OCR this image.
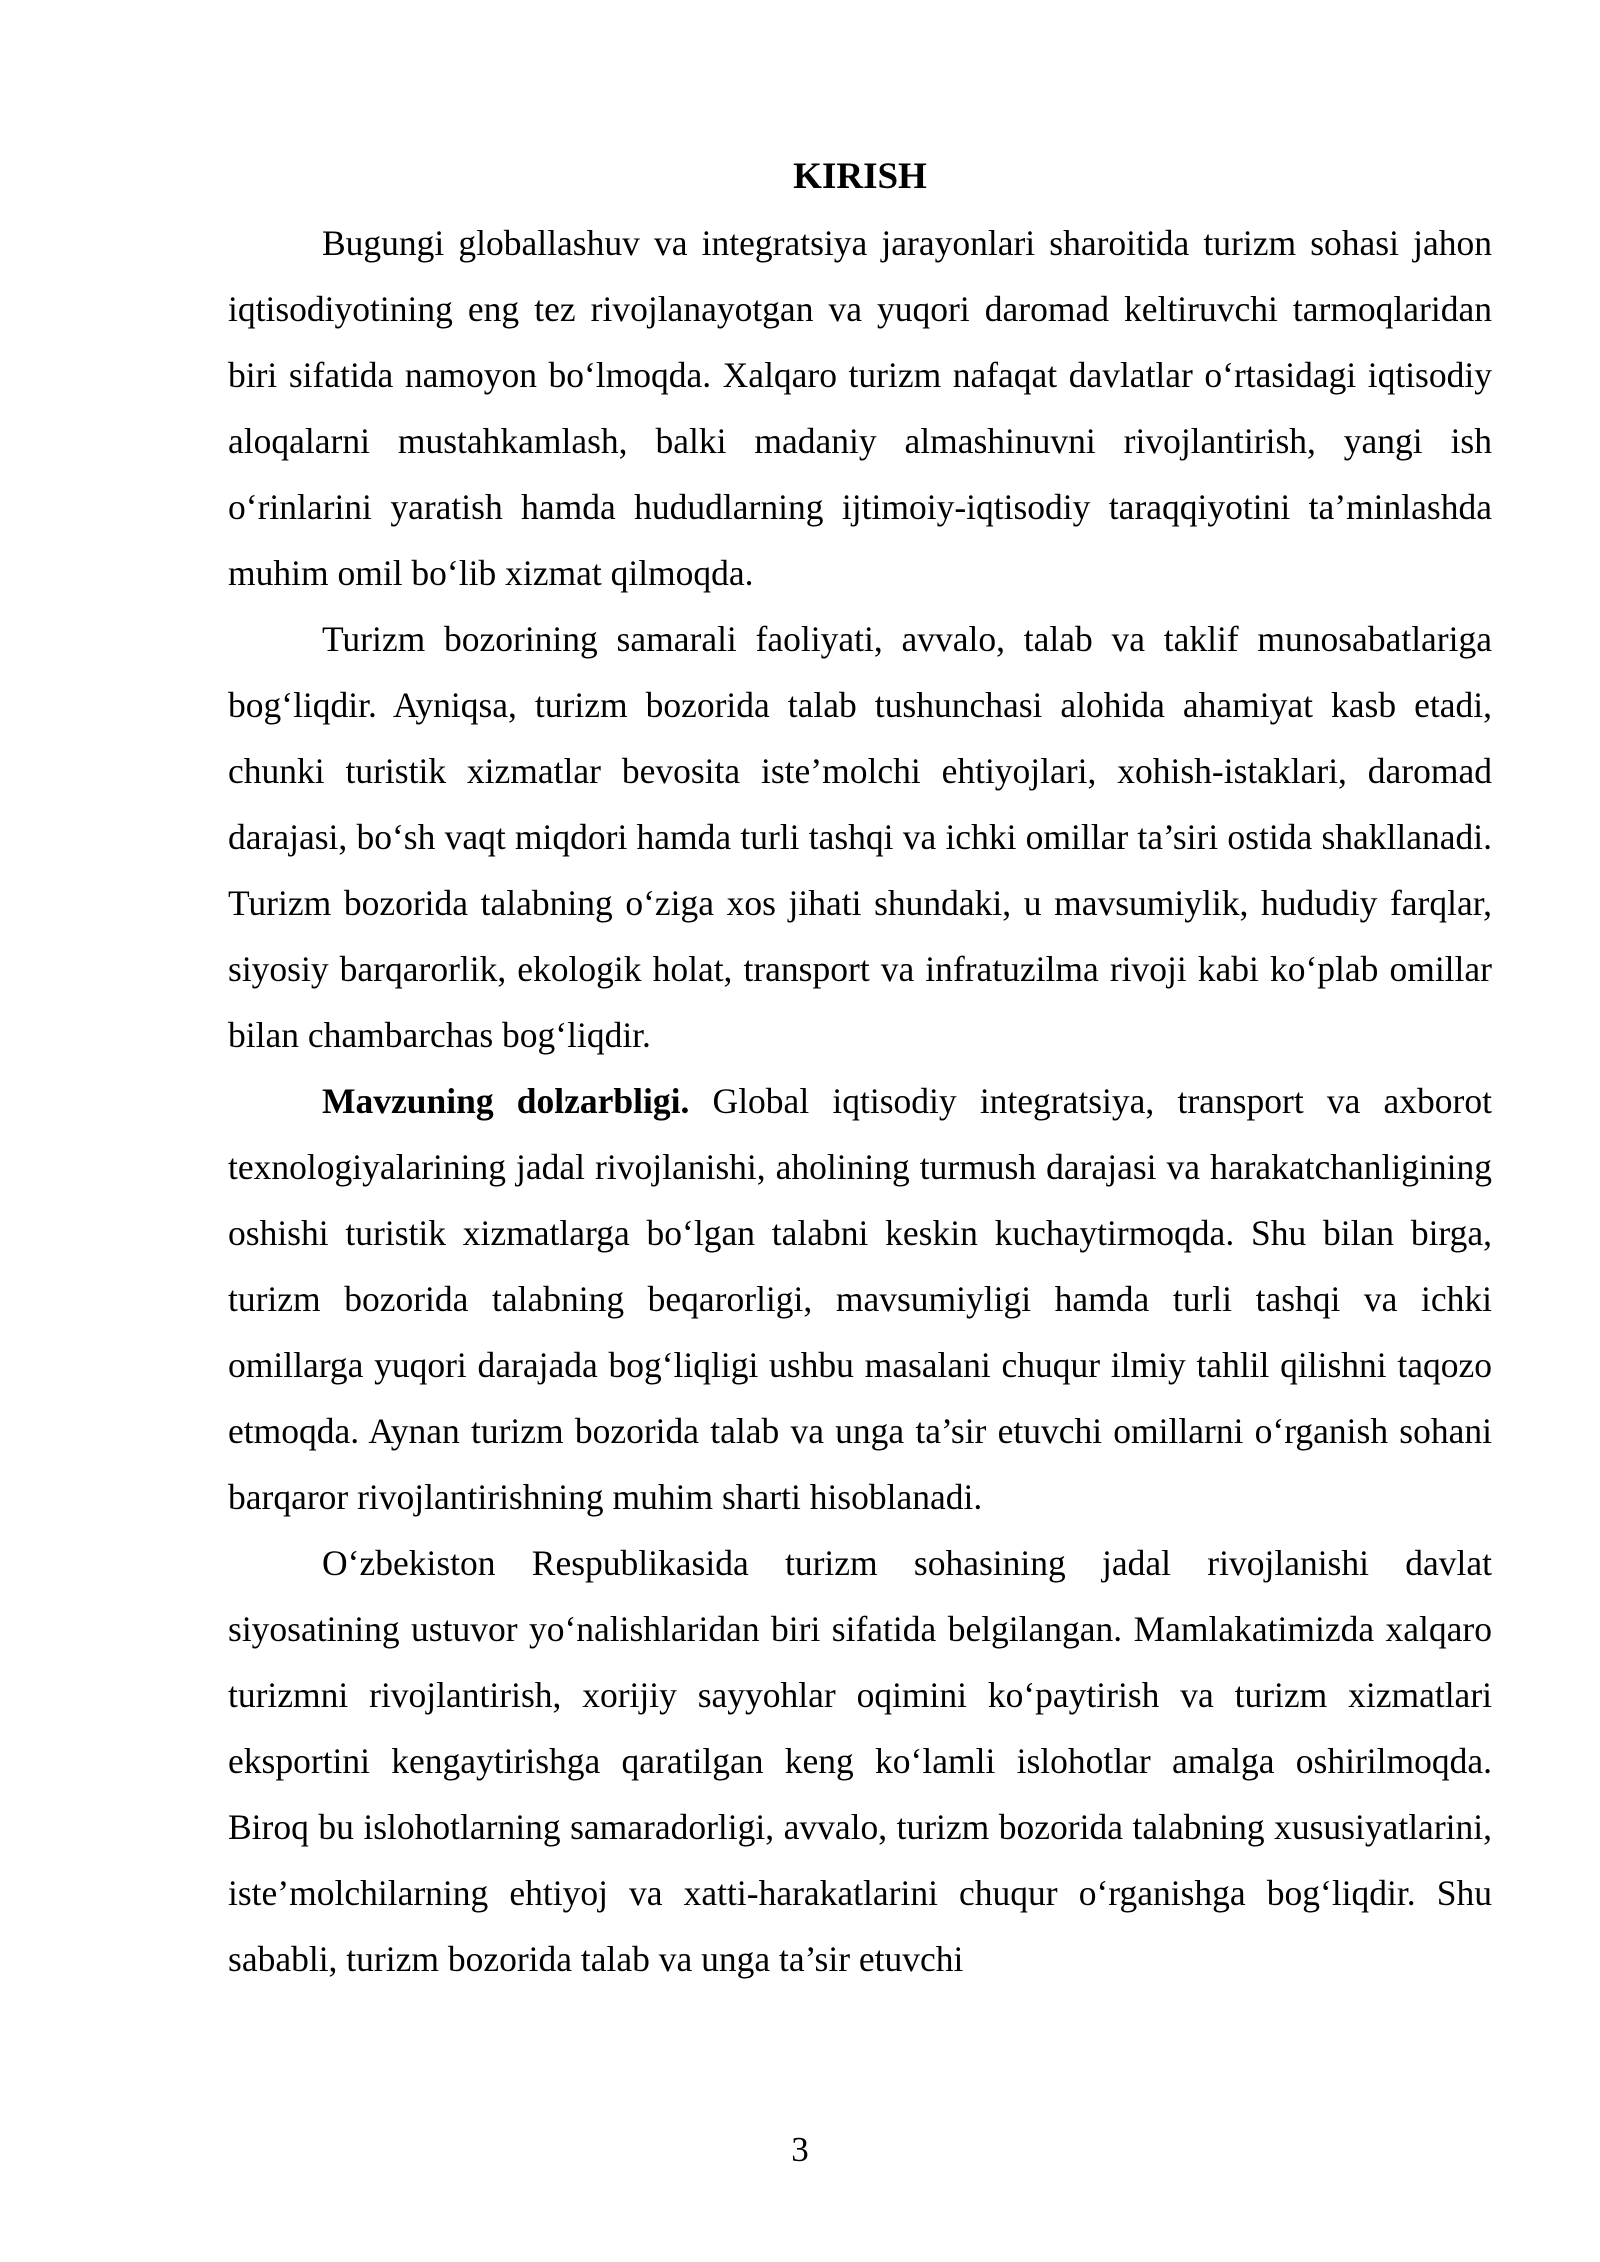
KIRISH

Bugungi globallashuv va integratsiya jarayonlari sharoitida turizm sohasi jahon iqtisodiyotining eng tez rivojlanayotgan va yuqori daromad keltiruvchi tarmoqlaridan biri sifatida namoyon bo‘lmoqda. Xalqaro turizm nafaqat davlatlar o‘rtasidagi iqtisodiy aloqalarni mustahkamlash, balki madaniy almashinuvni rivojlantirish, yangi ish o‘rinlarini yaratish hamda hududlarning ijtimoiy-iqtisodiy taraqqiyotini ta’minlashda muhim omil bo‘lib xizmat qilmoqda.

Turizm bozorining samarali faoliyati, avvalo, talab va taklif munosabatlariga bog‘liqdir. Ayniqsa, turizm bozorida talab tushunchasi alohida ahamiyat kasb etadi, chunki turistik xizmatlar bevosita iste’molchi ehtiyojlari, xohish-istaklari, daromad darajasi, bo‘sh vaqt miqdori hamda turli tashqi va ichki omillar ta’siri ostida shakllanadi. Turizm bozorida talabning o‘ziga xos jihati shundaki, u mavsumiylik, hududiy farqlar, siyosiy barqarorlik, ekologik holat, transport va infratuzilma rivoji kabi ko‘plab omillar bilan chambarchas bog‘liqdir.

Mavzuning dolzarbligi. Global iqtisodiy integratsiya, transport va axborot texnologiyalarining jadal rivojlanishi, aholining turmush darajasi va harakatchanligining oshishi turistik xizmatlarga bo‘lgan talabni keskin kuchaytirmoqda. Shu bilan birga, turizm bozorida talabning beqarorligi, mavsumiyligi hamda turli tashqi va ichki omillarga yuqori darajada bog‘liqligi ushbu masalani chuqur ilmiy tahlil qilishni taqozo etmoqda. Aynan turizm bozorida talab va unga ta’sir etuvchi omillarni o‘rganish sohani barqaror rivojlantirishning muhim sharti hisoblanadi.

O‘zbekiston Respublikasida turizm sohasining jadal rivojlanishi davlat siyosatining ustuvor yo‘nalishlaridan biri sifatida belgilangan. Mamlakatimizda xalqaro turizmni rivojlantirish, xorijiy sayyohlar oqimini ko‘paytirish va turizm xizmatlari eksportini kengaytirishga qaratilgan keng ko‘lamli islohotlar amalga oshirilmoqda. Biroq bu islohotlarning samaradorligi, avvalo, turizm bozorida talabning xususiyatlarini, iste’molchilarning ehtiyoj va xatti-harakatlarini chuqur o‘rganishga bog‘liqdir. Shu sababli, turizm bozorida talab va unga ta’sir etuvchi

3
